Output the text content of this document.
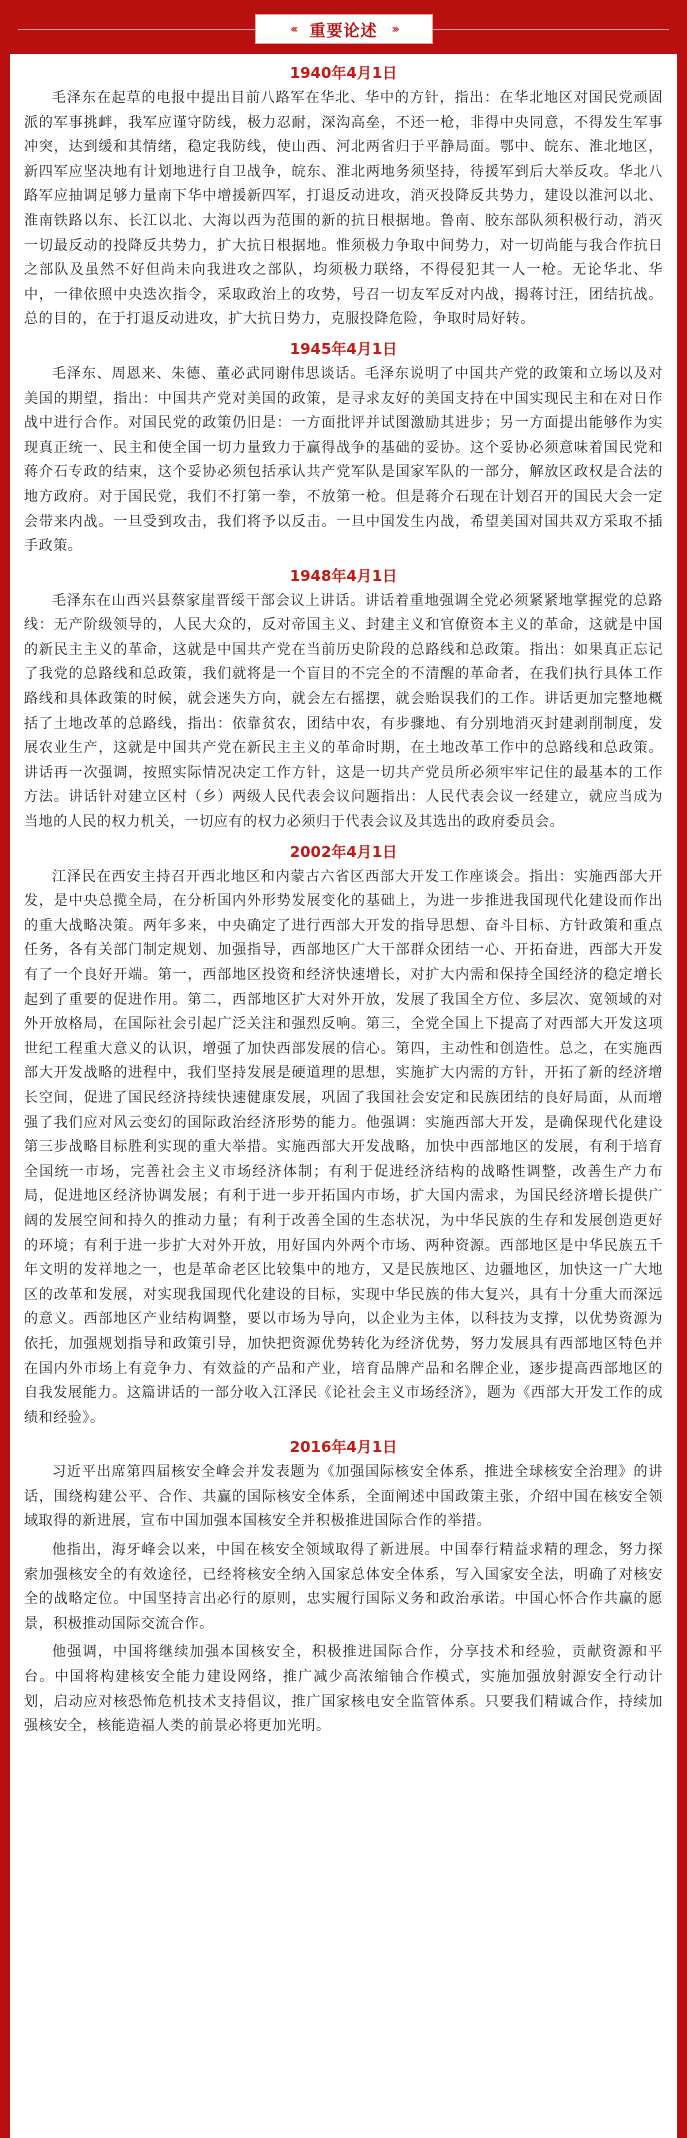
‹‹‹ 重要论述 ›››

1940年4月1日

毛泽东在起草的电报中提出目前八路军在华北、华中的方针，指出：在华北地区对国民党顽固派的军事挑衅，我军应谨守防线，极力忍耐，深沟高垒，不还一枪，非得中央同意，不得发生军事冲突，达到缓和其情绪，稳定我防线，使山西、河北两省归于平静局面。鄂中、皖东、淮北地区，新四军应坚决地有计划地进行自卫战争，皖东、淮北两地务须坚持，待援军到后大举反攻。华北八路军应抽调足够力量南下华中增援新四军，打退反动进攻，消灭投降反共势力，建设以淮河以北、淮南铁路以东、长江以北、大海以西为范围的新的抗日根据地。鲁南、胶东部队须积极行动，消灭一切最反动的投降反共势力，扩大抗日根据地。惟须极力争取中间势力，对一切尚能与我合作抗日之部队及虽然不好但尚未向我进攻之部队，均须极力联络，不得侵犯其一人一枪。无论华北、华中，一律依照中央迭次指令，采取政治上的攻势，号召一切友军反对内战，揭蒋讨汪，团结抗战。总的目的，在于打退反动进攻，扩大抗日势力，克服投降危险，争取时局好转。

1945年4月1日

毛泽东、周恩来、朱德、董必武同谢伟思谈话。毛泽东说明了中国共产党的政策和立场以及对美国的期望，指出：中国共产党对美国的政策，是寻求友好的美国支持在中国实现民主和在对日作战中进行合作。对国民党的政策仍旧是：一方面批评并试图激励其进步；另一方面提出能够作为实现真正统一、民主和使全国一切力量致力于赢得战争的基础的妥协。这个妥协必须意味着国民党和蒋介石专政的结束，这个妥协必须包括承认共产党军队是国家军队的一部分，解放区政权是合法的地方政府。对于国民党，我们不打第一拳，不放第一枪。但是蒋介石现在计划召开的国民大会一定会带来内战。一旦受到攻击，我们将予以反击。一旦中国发生内战，希望美国对国共双方采取不插手政策。

1948年4月1日

毛泽东在山西兴县蔡家崖晋绥干部会议上讲话。讲话着重地强调全党必须紧紧地掌握党的总路线：无产阶级领导的，人民大众的，反对帝国主义、封建主义和官僚资本主义的革命，这就是中国的新民主主义的革命，这就是中国共产党在当前历史阶段的总路线和总政策。指出：如果真正忘记了我党的总路线和总政策，我们就将是一个盲目的不完全的不清醒的革命者，在我们执行具体工作路线和具体政策的时候，就会迷失方向，就会左右摇摆，就会贻误我们的工作。讲话更加完整地概括了土地改革的总路线，指出：依靠贫农，团结中农，有步骤地、有分别地消灭封建剥削制度，发展农业生产，这就是中国共产党在新民主主义的革命时期，在土地改革工作中的总路线和总政策。讲话再一次强调，按照实际情况决定工作方针，这是一切共产党员所必须牢牢记住的最基本的工作方法。讲话针对建立区村（乡）两级人民代表会议问题指出：人民代表会议一经建立，就应当成为当地的人民的权力机关，一切应有的权力必须归于代表会议及其选出的政府委员会。

2002年4月1日

江泽民在西安主持召开西北地区和内蒙古六省区西部大开发工作座谈会。指出：实施西部大开发，是中央总揽全局，在分析国内外形势发展变化的基础上，为进一步推进我国现代化建设而作出的重大战略决策。两年多来，中央确定了进行西部大开发的指导思想、奋斗目标、方针政策和重点任务，各有关部门制定规划、加强指导，西部地区广大干部群众团结一心、开拓奋进，西部大开发有了一个良好开端。第一，西部地区投资和经济快速增长，对扩大内需和保持全国经济的稳定增长起到了重要的促进作用。第二，西部地区扩大对外开放，发展了我国全方位、多层次、宽领域的对外开放格局，在国际社会引起广泛关注和强烈反响。第三，全党全国上下提高了对西部大开发这项世纪工程重大意义的认识，增强了加快西部发展的信心。第四，主动性和创造性。总之，在实施西部大开发战略的进程中，我们坚持发展是硬道理的思想，实施扩大内需的方针，开拓了新的经济增长空间，促进了国民经济持续快速健康发展，巩固了我国社会安定和民族团结的良好局面，从而增强了我们应对风云变幻的国际政治经济形势的能力。他强调：实施西部大开发，是确保现代化建设第三步战略目标胜利实现的重大举措。实施西部大开发战略，加快中西部地区的发展，有利于培育全国统一市场，完善社会主义市场经济体制；有利于促进经济结构的战略性调整，改善生产力布局，促进地区经济协调发展；有利于进一步开拓国内市场，扩大国内需求，为国民经济增长提供广阔的发展空间和持久的推动力量；有利于改善全国的生态状况，为中华民族的生存和发展创造更好的环境；有利于进一步扩大对外开放，用好国内外两个市场、两种资源。西部地区是中华民族五千年文明的发祥地之一，也是革命老区比较集中的地方，又是民族地区、边疆地区，加快这一广大地区的改革和发展，对实现我国现代化建设的目标，实现中华民族的伟大复兴，具有十分重大而深远的意义。西部地区产业结构调整，要以市场为导向，以企业为主体，以科技为支撑，以优势资源为依托，加强规划指导和政策引导，加快把资源优势转化为经济优势，努力发展具有西部地区特色并在国内外市场上有竞争力、有效益的产品和产业，培育品牌产品和名牌企业，逐步提高西部地区的自我发展能力。这篇讲话的一部分收入江泽民《论社会主义市场经济》，题为《西部大开发工作的成绩和经验》。

2016年4月1日

习近平出席第四届核安全峰会并发表题为《加强国际核安全体系，推进全球核安全治理》的讲话，围绕构建公平、合作、共赢的国际核安全体系，全面阐述中国政策主张，介绍中国在核安全领域取得的新进展，宣布中国加强本国核安全并积极推进国际合作的举措。

他指出，海牙峰会以来，中国在核安全领域取得了新进展。中国奉行精益求精的理念，努力探索加强核安全的有效途径，已经将核安全纳入国家总体安全体系，写入国家安全法，明确了对核安全的战略定位。中国坚持言出必行的原则，忠实履行国际义务和政治承诺。中国心怀合作共赢的愿景，积极推动国际交流合作。

他强调，中国将继续加强本国核安全，积极推进国际合作，分享技术和经验，贡献资源和平台。中国将构建核安全能力建设网络，推广减少高浓缩铀合作模式，实施加强放射源安全行动计划，启动应对核恐怖危机技术支持倡议，推广国家核电安全监管体系。只要我们精诚合作，持续加强核安全，核能造福人类的前景必将更加光明。
